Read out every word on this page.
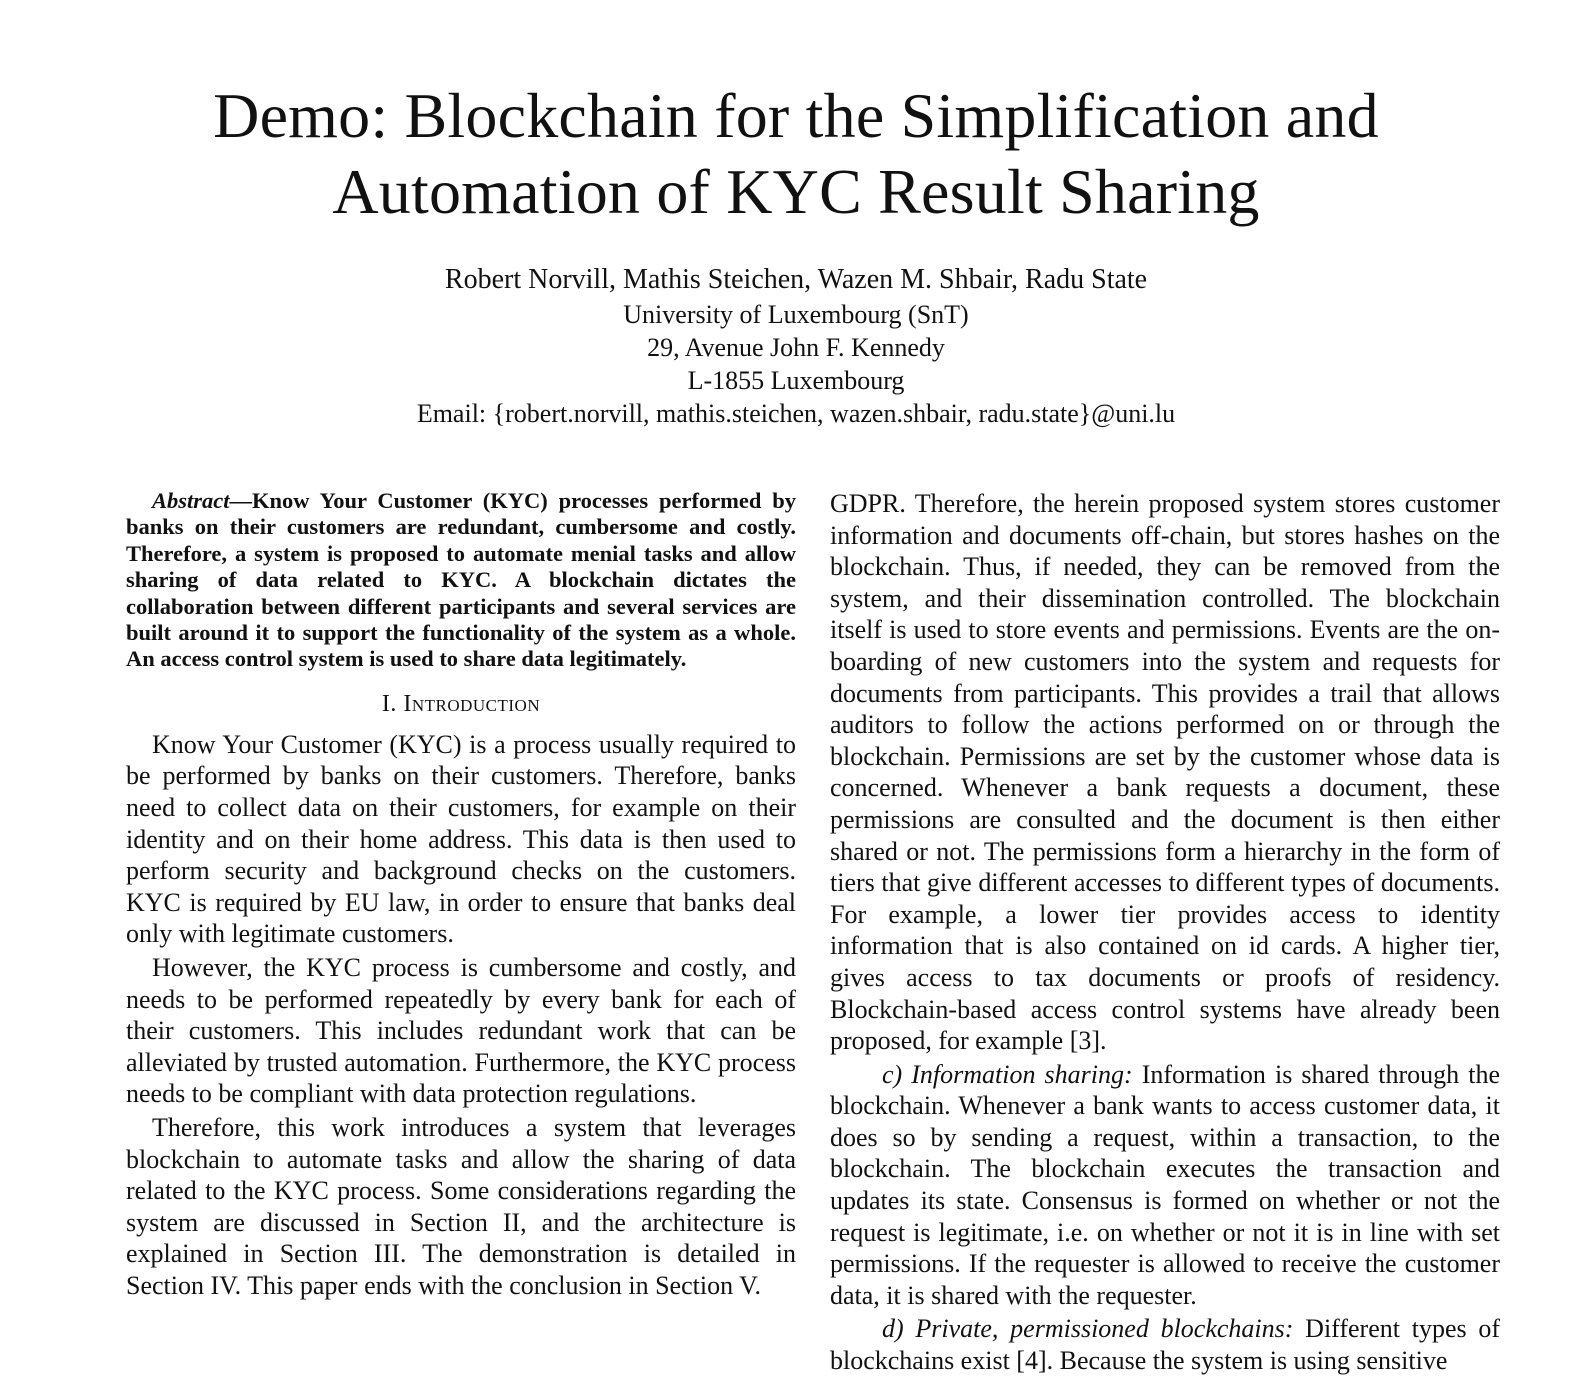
Demo: Blockchain for the Simplification and
Automation of KYC Result Sharing
Robert Norvill, Mathis Steichen, Wazen M. Shbair, Radu State
University of Luxembourg (SnT)
29, Avenue John F. Kennedy
L-1855 Luxembourg
Email: {robert.norvill, mathis.steichen, wazen.shbair, radu.state}@uni.lu

Abstract—Know Your Customer (KYC) processes performed by banks on their customers are redundant, cumbersome and costly. Therefore, a system is proposed to automate menial tasks and allow sharing of data related to KYC. A blockchain dictates the collaboration between different participants and several services are built around it to support the functionality of the system as a whole. An access control system is used to share data legitimately.

I. Introduction

Know Your Customer (KYC) is a process usually required to be performed by banks on their customers. Therefore, banks need to collect data on their customers, for example on their identity and on their home address. This data is then used to perform security and background checks on the customers. KYC is required by EU law, in order to ensure that banks deal only with legitimate customers.

However, the KYC process is cumbersome and costly, and needs to be performed repeatedly by every bank for each of their customers. This includes redundant work that can be alleviated by trusted automation. Furthermore, the KYC process needs to be compliant with data protection regulations.

Therefore, this work introduces a system that leverages blockchain to automate tasks and allow the sharing of data related to the KYC process. Some considerations regarding the system are discussed in Section II, and the architecture is explained in Section III. The demonstration is detailed in Section IV. This paper ends with the conclusion in Section V.

GDPR. Therefore, the herein proposed system stores customer information and documents off-chain, but stores hashes on the blockchain. Thus, if needed, they can be removed from the system, and their dissemination controlled. The blockchain itself is used to store events and permissions. Events are the on-boarding of new customers into the system and requests for documents from participants. This provides a trail that allows auditors to follow the actions performed on or through the blockchain. Permissions are set by the customer whose data is concerned. Whenever a bank requests a document, these permissions are consulted and the document is then either shared or not. The permissions form a hierarchy in the form of tiers that give different accesses to different types of documents. For example, a lower tier provides access to identity information that is also contained on id cards. A higher tier, gives access to tax documents or proofs of residency. Blockchain-based access control systems have already been proposed, for example [3].

c) Information sharing: Information is shared through the blockchain. Whenever a bank wants to access customer data, it does so by sending a request, within a transaction, to the blockchain. The blockchain executes the transaction and updates its state. Consensus is formed on whether or not the request is legitimate, i.e. on whether or not it is in line with set permissions. If the requester is allowed to receive the customer data, it is shared with the requester.

d) Private, permissioned blockchains: Different types of blockchains exist [4]. Because the system is using sensitive
